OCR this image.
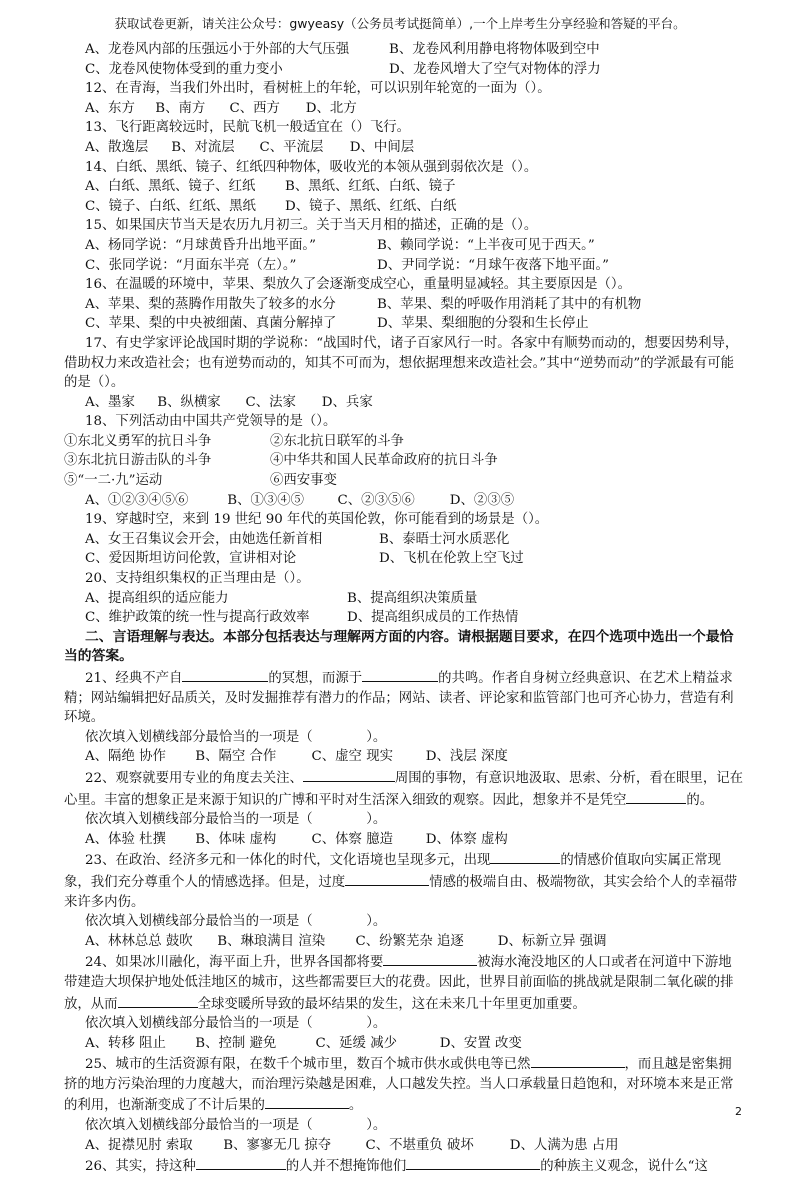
获取试卷更新，请关注公众号：gwyeasy（公务员考试挺简单）,一个上岸考生分享经验和答疑的平台。
A、龙卷风内部的压强远小于外部的大气压强	B、龙卷风利用静电将物体吸到空中
C、龙卷风使物体受到的重力变小	D、龙卷风增大了空气对物体的浮力
12、在青海，当我们外出时，看树桩上的年轮，可以识别年轮宽的一面为（）。
A、东方 B、南方 C、西方 D、北方
13、飞行距离较远时，民航飞机一般适宜在（）飞行。
A、散逸层 B、对流层 C、平流层 D、中间层
14、白纸、黑纸、镜子、红纸四种物体，吸收光的本领从强到弱依次是（）。
A、白纸、黑纸、镜子、红纸	B、黑纸、红纸、白纸、镜子
C、镜子、白纸、红纸、黑纸	D、镜子、黑纸、红纸、白纸
15、如果国庆节当天是农历九月初三。关于当天月相的描述，正确的是（）。
A、杨同学说：“月球黄昏升出地平面。”	B、赖同学说：“上半夜可见于西天。”
C、张同学说：“月面东半亮（左）。”	D、尹同学说：“月球午夜落下地平面。”
16、在温暖的环境中，苹果、梨放久了会逐渐变成空心，重量明显减轻。其主要原因是（）。
A、苹果、梨的蒸腾作用散失了较多的水分	B、苹果、梨的呼吸作用消耗了其中的有机物
C、苹果、梨的中央被细菌、真菌分解掉了	D、苹果、梨细胞的分裂和生长停止
17、有史学家评论战国时期的学说称：“战国时代，诸子百家风行一时。各家中有顺势而动的，想要因势利导，借助权力来改造社会；也有逆势而动的，知其不可而为，想依据理想来改造社会。”其中“逆势而动”的学派最有可能的是（）。
A、墨家 B、纵横家 C、法家 D、兵家
18、下列活动由中国共产党领导的是（）。
①东北义勇军的抗日斗争	②东北抗日联军的斗争
③东北抗日游击队的斗争	④中华共和国人民革命政府的抗日斗争
⑤“一二·九”运动	⑥西安事变
A、①②③④⑤⑥	B、①③④⑤ C、②③⑤⑥	D、②③⑤
19、穿越时空，来到 19 世纪 90 年代的英国伦敦，你可能看到的场景是（）。
A、女王召集议会开会，由她选任新首相	B、泰晤士河水质恶化
C、爱因斯坦访问伦敦，宣讲相对论	D、飞机在伦敦上空飞过
20、支持组织集权的正当理由是（）。
A、提高组织的适应能力	B、提高组织决策质量
C、维护政策的统一性与提高行政效率	D、提高组织成员的工作热情
二、言语理解与表达。本部分包括表达与理解两方面的内容。请根据题目要求，在四个选项中选出一个最恰当的答案。
21、经典不产自	的冥想，而源于	的共鸣。作者自身树立经典意识、在艺术上精益求精；网站编辑把好品质关，及时发掘推荐有潜力的作品；网站、读者、评论家和监管部门也可齐心协力，营造有利环境。
依次填入划横线部分最恰当的一项是（　　　　）。
A、隔绝 协作 B、隔空 合作	C、虚空 现实 D、浅层 深度
22、观察就要用专业的角度去关注、	周围的事物，有意识地汲取、思索、分析，看在眼里，记在心里。丰富的想象正是来源于知识的广博和平时对生活深入细致的观察。因此，想象并不是凭空	的。
依次填入划横线部分最恰当的一项是（　　　　）。
A、体验 杜撰 B、体味 虚构	C、体察 臆造 D、体察 虚构
23、在政治、经济多元和一体化的时代，文化语境也呈现多元，出现	的情感价值取向实属正常现象，我们充分尊重个人的情感选择。但是，过度	情感的极端自由、极端物欲，其实会给个人的幸福带来许多内伤。
依次填入划横线部分最恰当的一项是（　　　　）。
A、林林总总 鼓吹 B、琳琅满目 渲染 C、纷繁芜杂 追逐	D、标新立异 强调
24、如果冰川融化，海平面上升，世界各国都将要	被海水淹没地区的人口或者在河道中下游地带建造大坝保护地处低洼地区的城市，这些都需要巨大的花费。因此，世界目前面临的挑战就是限制二氧化碳的排放，从而	全球变暖所导致的最坏结果的发生，这在未来几十年里更加重要。
依次填入划横线部分最恰当的一项是（　　　　）。
A、转移 阻止 B、控制 避免	C、延缓 减少	D、安置 改变
25、城市的生活资源有限，在数千个城市里，数百个城市供水或供电等已然	，而且越是密集拥挤的地方污染治理的力度越大，而治理污染越是困难，人口越发失控。当人口承载量日趋饱和，对环境本来是正常的利用，也渐渐变成了不计后果的	。
依次填入划横线部分最恰当的一项是（　　　　）。
A、捉襟见肘 索取 B、寥寥无几 掠夺	C、不堪重负 破坏	D、人满为患 占用
26、其实，持这种	的人并不想掩饰他们	的种族主义观念，说什么“这
2
